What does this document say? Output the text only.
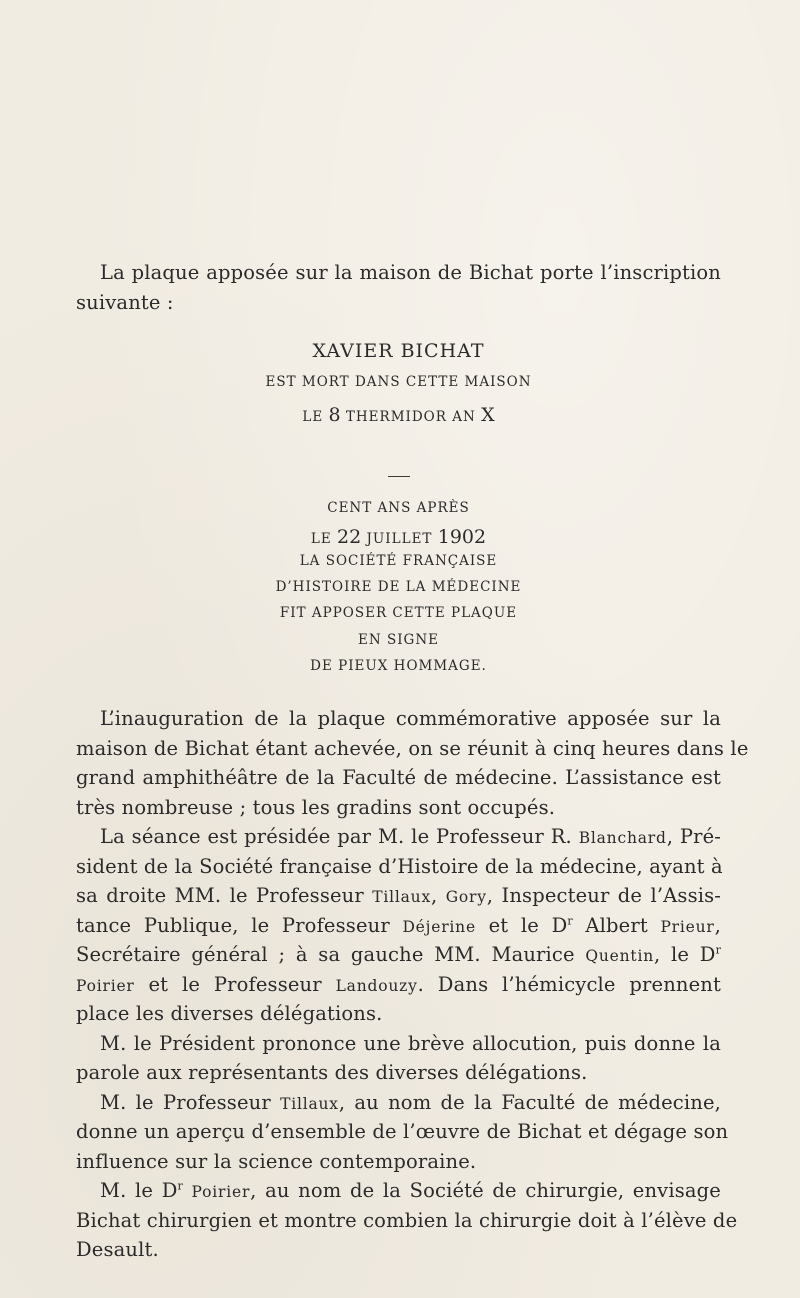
La plaque apposée sur la maison de Bichat porte l’inscription
suivante :
XAVIER BICHAT
EST MORT DANS CETTE MAISON
LE 8 THERMIDOR AN X
CENT ANS APRÈS
LE 22 JUILLET 1902
LA SOCIÉTÉ FRANÇAISE
D’HISTOIRE DE LA MÉDECINE
FIT APPOSER CETTE PLAQUE
EN SIGNE
DE PIEUX HOMMAGE.
L’inauguration de la plaque commémorative apposée sur la
maison de Bichat étant achevée, on se réunit à cinq heures dans le
grand amphithéâtre de la Faculté de médecine. L’assistance est
très nombreuse ; tous les gradins sont occupés.
La séance est présidée par M. le Professeur R. Blanchard, Pré-
sident de la Société française d’Histoire de la médecine, ayant à
sa droite MM. le Professeur Tillaux, Gory, Inspecteur de l’Assis-
tance Publique, le Professeur Déjerine et le $D^r$ Albert Prieur,
Secrétaire général ; à sa gauche MM. Maurice Quentin, le $D^r$
Poirier et le Professeur Landouzy. Dans l’hémicycle prennent
place les diverses délégations.
M. le Président prononce une brève allocution, puis donne la
parole aux représentants des diverses délégations.
M. le Professeur Tillaux, au nom de la Faculté de médecine,
donne un aperçu d’ensemble de l’œuvre de Bichat et dégage son
influence sur la science contemporaine.
M. le $D^r$ Poirier, au nom de la Société de chirurgie, envisage
Bichat chirurgien et montre combien la chirurgie doit à l’élève de
Desault.
